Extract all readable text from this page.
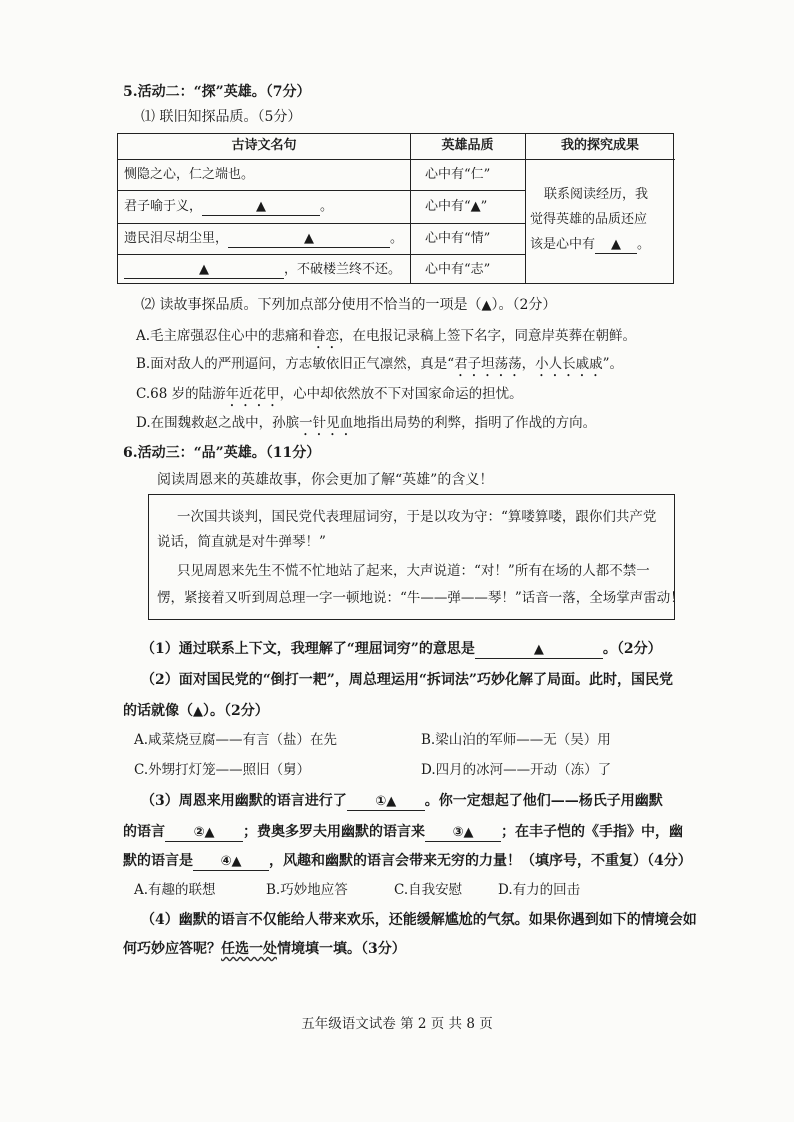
5.活动二：“探”英雄。（7分）
⑴ 联旧知探品质。（5分）
古诗文名句	英雄品质	我的探究成果
恻隐之心，仁之端也。	心中有“仁”
君子喻于义，	▲	。	心中有“▲”
遗民泪尽胡尘里，	▲	。 心中有“情”
▲	，不破楼兰终不还。 心中有“志”
联系阅读经历，我
觉得英雄的品质还应
该是心中有 ▲ 。
⑵ 读故事探品质。下列加点部分使用不恰当的一项是（▲）。（2分）
A.毛主席强忍住心中的悲痛和眷恋，在电报记录稿上签下名字，同意岸英葬在朝鲜。
B.面对敌人的严刑逼问，方志敏依旧正气凛然，真是“君子坦荡荡，小人长戚戚”。
C.68 岁的陆游年近花甲，心中却依然放不下对国家命运的担忧。
D.在围魏救赵之战中，孙膑一针见血地指出局势的利弊，指明了作战的方向。
6.活动三：“品”英雄。（11分）
阅读周恩来的英雄故事，你会更加了解“英雄”的含义！
一次国共谈判，国民党代表理屈词穷，于是以攻为守：“算喽算喽，跟你们共产党
说话，简直就是对牛弹琴！”
只见周恩来先生不慌不忙地站了起来，大声说道：“对！”所有在场的人都不禁一
愣，紧接着又听到周总理一字一顿地说：“牛——弹——琴！”话音一落，全场掌声雷动！
（1）通过联系上下文，我理解了“理屈词穷”的意思是	▲	。（2分）
（2）面对国民党的“倒打一耙”，周总理运用“拆词法”巧妙化解了局面。此时，国民党
的话就像（▲）。（2分）
A.咸菜烧豆腐——有言（盐）在先	B.梁山泊的军师——无（吴）用
C.外甥打灯笼——照旧（舅）	D.四月的冰河——开动（冻）了
（3）周恩来用幽默的语言进行了 ①▲ 。你一定想起了他们——杨氏子用幽默
的语言 ②▲ ；费奥多罗夫用幽默的语言来 ③▲ ；在丰子恺的《手指》中，幽
默的语言是 ④▲ ，风趣和幽默的语言会带来无穷的力量！（填序号，不重复）（4分）
A.有趣的联想	B.巧妙地应答	C.自我安慰	D.有力的回击
（4）幽默的语言不仅能给人带来欢乐，还能缓解尴尬的气氛。如果你遇到如下的情境会如
何巧妙应答呢？任选一处情境填一填。（3分）
五年级语文试卷 第 2 页 共 8 页
